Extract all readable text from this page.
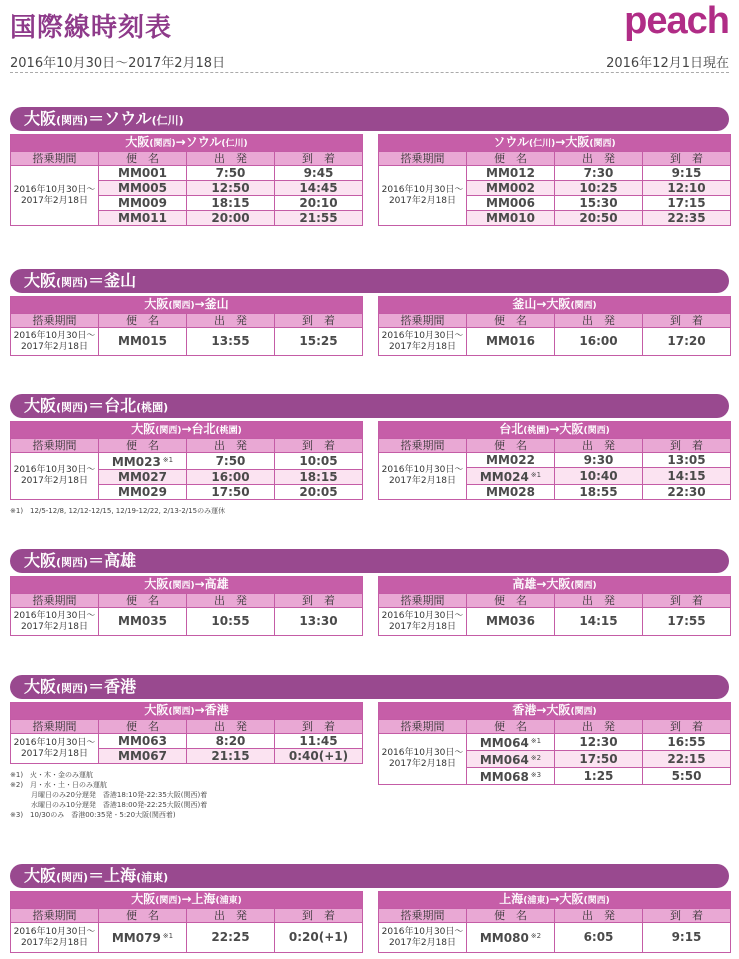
国際線時刻表	peach
2016年10月30日〜2017年2月18日	2016年12月1日現在
大阪(関西)＝ソウル(仁川)
大阪(関西)→ソウル(仁川)			
搭乗期間	便　名	出　発	到　着

2016年10月30日〜
2017年2月18日	MM001	7:50	9:45
	MM005	12:50	14:45
	MM009	18:15	20:10
	MM011	20:00	21:55
ソウル(仁川)→大阪(関西)			
搭乗期間	便　名	出　発	到　着

2016年10月30日〜
2017年2月18日	MM012	7:30	9:15
	MM002	10:25	12:10
	MM006	15:30	17:15
	MM010	20:50	22:35
大阪(関西)＝釜山
大阪(関西)→釜山			
搭乗期間	便　名	出　発	到　着

2016年10月30日〜
2017年2月18日	MM015	13:55	15:25
釜山→大阪(関西)			
搭乗期間	便　名	出　発	到　着

2016年10月30日〜
2017年2月18日	MM016	16:00	17:20
大阪(関西)＝台北(桃園)
大阪(関西)→台北(桃園)			
搭乗期間	便　名	出　発	到　着

2016年10月30日〜
2017年2月18日	MM023 $^{※1}$	7:50	10:05
	MM027	16:00	18:15
	MM029	17:50	20:05
台北(桃園)→大阪(関西)			
搭乗期間	便　名	出　発	到　着

2016年10月30日〜
2017年2月18日	MM022	9:30	13:05
	MM024 $^{※1}$	10:40	14:15
	MM028	18:55	22:30
※1)　12/5-12/8, 12/12-12/15, 12/19-12/22, 2/13-2/15のみ運休
大阪(関西)＝高雄
大阪(関西)→高雄			
搭乗期間	便　名	出　発	到　着

2016年10月30日〜
2017年2月18日	MM035	10:55	13:30
高雄→大阪(関西)			
搭乗期間	便　名	出　発	到　着

2016年10月30日〜
2017年2月18日	MM036	14:15	17:55
大阪(関西)＝香港
大阪(関西)→香港			
搭乗期間	便　名	出　発	到　着

2016年10月30日〜
2017年2月18日	MM063	8:20	11:45
	MM067	21:15	0:40(+1)
香港→大阪(関西)			
搭乗期間	便　名	出　発	到　着

2016年10月30日〜
2017年2月18日	MM064 $^{※1}$	12:30	16:55
	MM064 $^{※2}$	17:50	22:15
	MM068 $^{※3}$	1:25	5:50
※1)　火・木・金のみ運航
※2)　月・水・土・日のみ運航
　　　月曜日のみ20分遅発　香港18:10発-22:35大阪(関西)着
　　　水曜日のみ10分遅発　香港18:00発-22:25大阪(関西)着
※3)　10/30のみ　香港00:35発 - 5:20大阪(関西着)
大阪(関西)＝上海(浦東)
大阪(関西)→上海(浦東)			
搭乗期間	便　名	出　発	到　着

2016年10月30日〜
2017年2月18日	MM079 $^{※1}$	22:25	0:20(+1)
上海(浦東)→大阪(関西)			
搭乗期間	便　名	出　発	到　着

2016年10月30日〜
2017年2月18日	MM080 $^{※2}$	6:05	9:15
